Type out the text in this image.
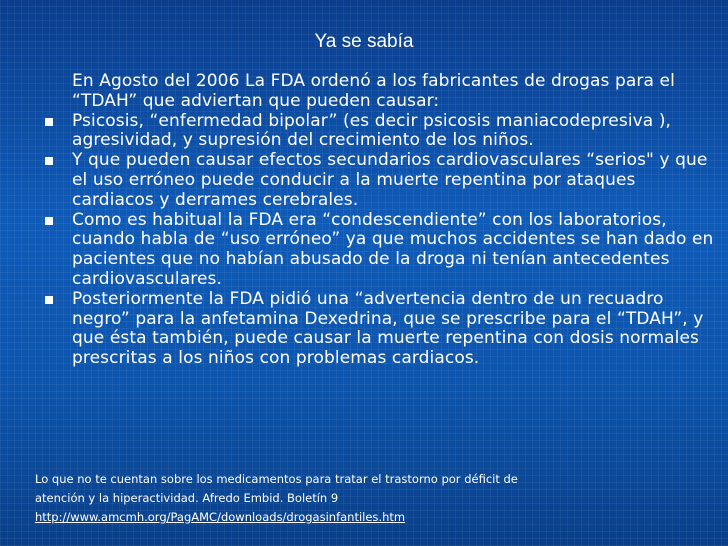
Ya se sabía

En Agosto del 2006 La FDA ordenó a los fabricantes de drogas para el “TDAH” que adviertan que pueden causar:

Psicosis, “enfermedad bipolar” (es decir psicosis maniacodepresiva ), agresividad, y supresión del crecimiento de los niños.

Y que pueden causar efectos secundarios cardiovasculares “serios" y que el uso erróneo puede conducir a la muerte repentina por ataques cardiacos y derrames cerebrales.

Como es habitual la FDA era “condescendiente” con los laboratorios, cuando habla de “uso erróneo” ya que muchos accidentes se han dado en pacientes que no habían abusado de la droga ni tenían antecedentes cardiovasculares.

Posteriormente la FDA pidió una “advertencia dentro de un recuadro negro” para la anfetamina Dexedrina, que se prescribe para el “TDAH”, y que ésta también, puede causar la muerte repentina con dosis normales prescritas a los niños con problemas cardiacos.

Lo que no te cuentan sobre los medicamentos para tratar el trastorno por déficit de
atención y la hiperactividad. Afredo Embid. Boletín 9
http://www.amcmh.org/PagAMC/downloads/drogasinfantiles.htm
